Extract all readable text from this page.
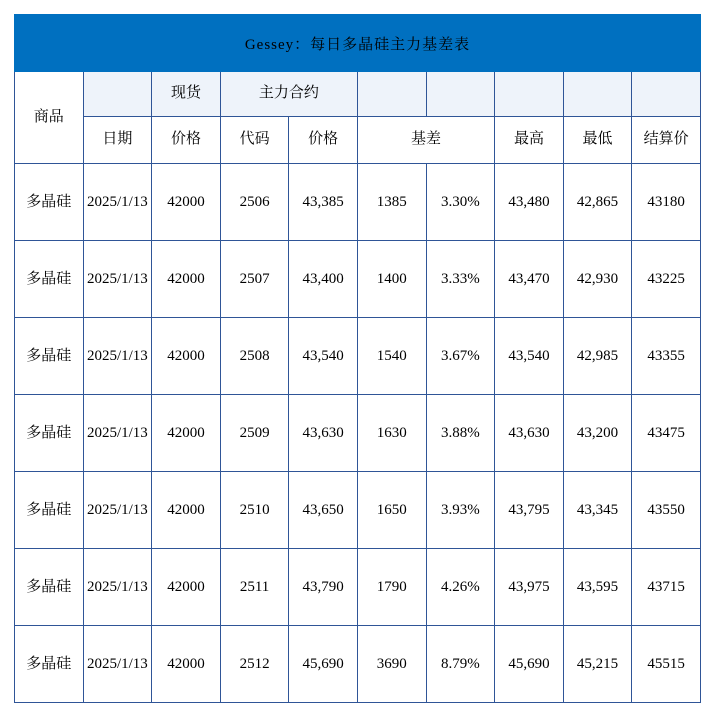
Gessey：每日多晶硅主力基差表									
商品		现货	主力合约						
	日期	价格	代码	价格	基差		最高	最低	结算价
多晶硅	2025/1/13	42000	2506	43,385	1385	3.30%	43,480	42,865	43180
多晶硅	2025/1/13	42000	2507	43,400	1400	3.33%	43,470	42,930	43225
多晶硅	2025/1/13	42000	2508	43,540	1540	3.67%	43,540	42,985	43355
多晶硅	2025/1/13	42000	2509	43,630	1630	3.88%	43,630	43,200	43475
多晶硅	2025/1/13	42000	2510	43,650	1650	3.93%	43,795	43,345	43550
多晶硅	2025/1/13	42000	2511	43,790	1790	4.26%	43,975	43,595	43715
多晶硅	2025/1/13	42000	2512	45,690	3690	8.79%	45,690	45,215	45515
